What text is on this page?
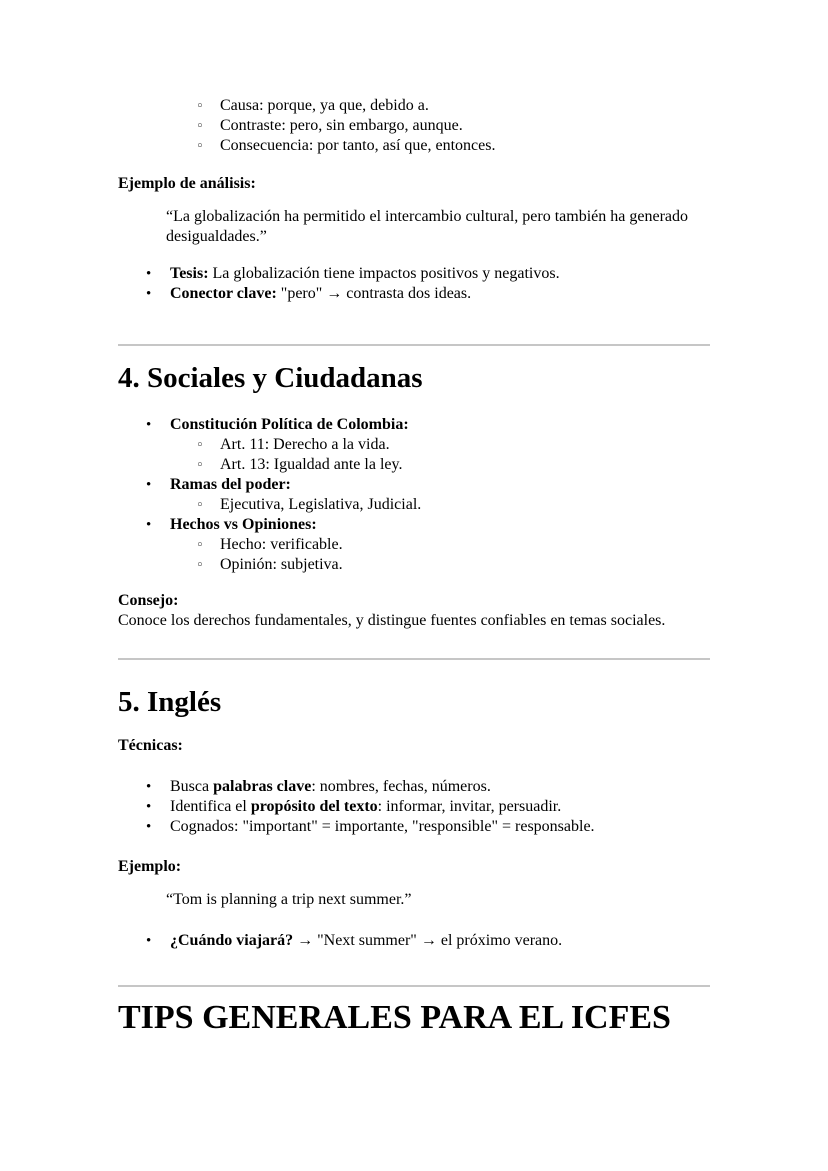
◦ Causa: porque, ya que, debido a.
◦ Contraste: pero, sin embargo, aunque.
◦ Consecuencia: por tanto, así que, entonces.

Ejemplo de análisis:

“La globalización ha permitido el intercambio cultural, pero también ha generado desigualdades.”
• Tesis: La globalización tiene impactos positivos y negativos.
• Conector clave: "pero" → contrasta dos ideas.
4. Sociales y Ciudadanas
• Constitución Política de Colombia:
◦ Art. 11: Derecho a la vida.
◦ Art. 13: Igualdad ante la ley.
• Ramas del poder:
◦ Ejecutiva, Legislativa, Judicial.
• Hechos vs Opiniones:
◦ Hecho: verificable.
◦ Opinión: subjetiva.

Consejo:
Conoce los derechos fundamentales, y distingue fuentes confiables en temas sociales.

5. Inglés

Técnicas:

• Busca palabras clave: nombres, fechas, números.
• Identifica el propósito del texto: informar, invitar, persuadir.
• Cognados: "important" = importante, "responsible" = responsable.

Ejemplo:

“Tom is planning a trip next summer.”
• ¿Cuándo viajará? → "Next summer" → el próximo verano.
TIPS GENERALES PARA EL ICFES
